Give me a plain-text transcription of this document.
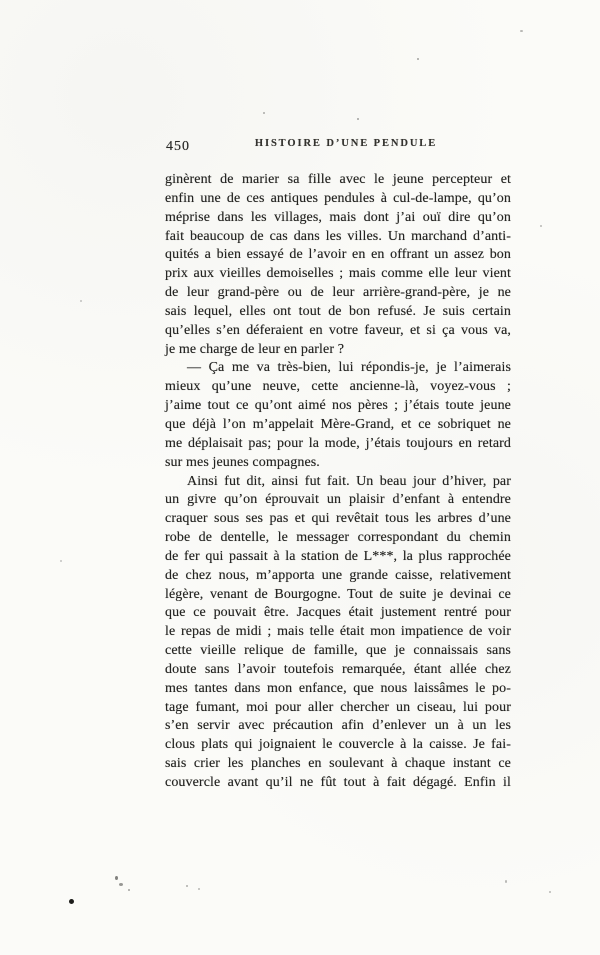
450	HISTOIRE D’UNE PENDULE
ginèrent de marier sa fille avec le jeune percepteur et
enfin une de ces antiques pendules à cul-de-lampe, qu’on
méprise dans les villages, mais dont j’ai ouï dire qu’on
fait beaucoup de cas dans les villes. Un marchand d’anti-
quités a bien essayé de l’avoir en en offrant un assez bon
prix aux vieilles demoiselles ; mais comme elle leur vient
de leur grand-père ou de leur arrière-grand-père, je ne
sais lequel, elles ont tout de bon refusé. Je suis certain
qu’elles s’en déferaient en votre faveur, et si ça vous va,
je me charge de leur en parler ?
— Ça me va très-bien, lui répondis-je, je l’aimerais
mieux qu’une neuve, cette ancienne-là, voyez-vous ;
j’aime tout ce qu’ont aimé nos pères ; j’étais toute jeune
que déjà l’on m’appelait Mère-Grand, et ce sobriquet ne
me déplaisait pas; pour la mode, j’étais toujours en retard
sur mes jeunes compagnes.
Ainsi fut dit, ainsi fut fait. Un beau jour d’hiver, par
un givre qu’on éprouvait un plaisir d’enfant à entendre
craquer sous ses pas et qui revêtait tous les arbres d’une
robe de dentelle, le messager correspondant du chemin
de fer qui passait à la station de L***, la plus rapprochée
de chez nous, m’apporta une grande caisse, relativement
légère, venant de Bourgogne. Tout de suite je devinai ce
que ce pouvait être. Jacques était justement rentré pour
le repas de midi ; mais telle était mon impatience de voir
cette vieille relique de famille, que je connaissais sans
doute sans l’avoir toutefois remarquée, étant allée chez
mes tantes dans mon enfance, que nous laissâmes le po-
tage fumant, moi pour aller chercher un ciseau, lui pour
s’en servir avec précaution afin d’enlever un à un les
clous plats qui joignaient le couvercle à la caisse. Je fai-
sais crier les planches en soulevant à chaque instant ce
couvercle avant qu’il ne fût tout à fait dégagé. Enfin il
